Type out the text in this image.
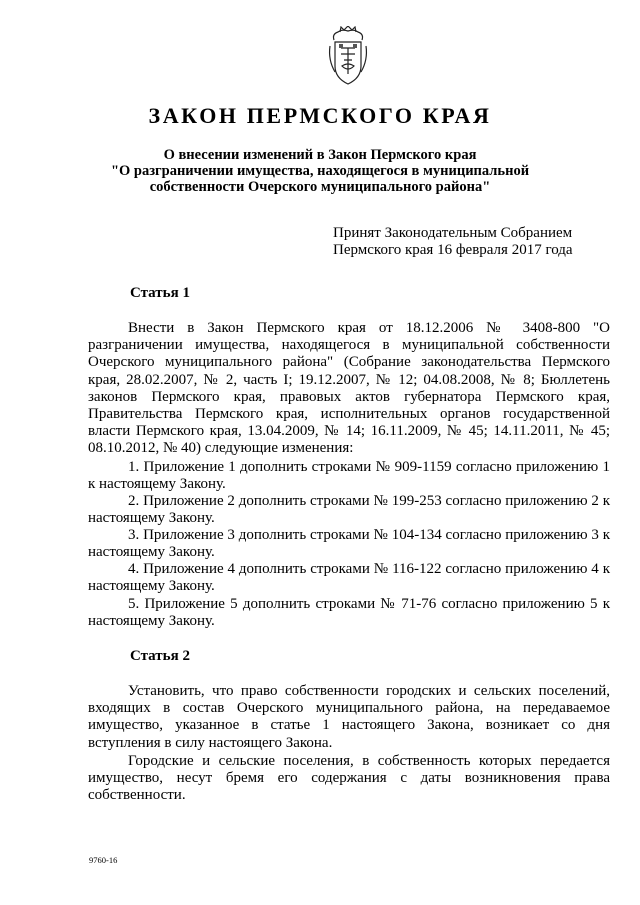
ЗАКОН ПЕРМСКОГО КРАЯ
О внесении изменений в Закон Пермского края
"О разграничении имущества, находящегося в муниципальной
собственности Очерского муниципального района"
Принят Законодательным Собранием
Пермского края 16 февраля 2017 года
Статья 1

Внести в Закон Пермского края от 18.12.2006 № 3408-800 "О разграничении имущества, находящегося в муниципальной собственности Очерского муниципального района" (Собрание законодательства Пермского края, 28.02.2007, № 2, часть I; 19.12.2007, № 12; 04.08.2008, № 8; Бюллетень законов Пермского края, правовых актов губернатора Пермского края, Правительства Пермского края, исполнительных органов государственной власти Пермского края, 13.04.2009, № 14; 16.11.2009, № 45; 14.11.2011, № 45; 08.10.2012, № 40) следующие изменения:

1. Приложение 1 дополнить строками № 909-1159 согласно приложению 1 к настоящему Закону.

2. Приложение 2 дополнить строками № 199-253 согласно приложению 2 к настоящему Закону.

3. Приложение 3 дополнить строками № 104-134 согласно приложению 3 к настоящему Закону.

4. Приложение 4 дополнить строками № 116-122 согласно приложению 4 к настоящему Закону.

5. Приложение 5 дополнить строками № 71-76 согласно приложению 5 к настоящему Закону.

Статья 2

Установить, что право собственности городских и сельских поселений, входящих в состав Очерского муниципального района, на передаваемое имущество, указанное в статье 1 настоящего Закона, возникает со дня вступления в силу настоящего Закона.

Городские и сельские поселения, в собственность которых передается имущество, несут бремя его содержания с даты возникновения права собственности.

9760-16
